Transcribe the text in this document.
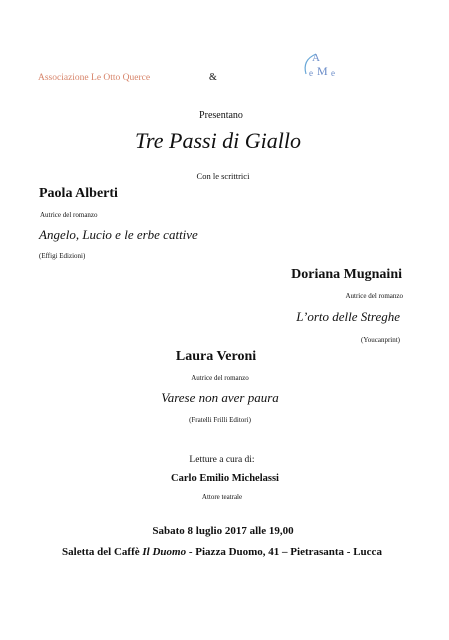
Associazione Le Otto Querce	&
A
e M e
Presentano
Tre Passi di Giallo
Con le scrittrici
Paola Alberti
Autrice del romanzo
Angelo, Lucio e le erbe cattive
(Effigi Edizioni)
Doriana Mugnaini
Autrice del romanzo
L’orto delle Streghe
(Youcanprint)
Laura Veroni
Autrice del romanzo
Varese non aver paura
(Fratelli Frilli Editori)
Letture a cura di:
Carlo Emilio Michelassi
Attore teatrale
Sabato 8 luglio 2017 alle 19,00
Saletta del Caffè Il Duomo - Piazza Duomo, 41 – Pietrasanta - Lucca
